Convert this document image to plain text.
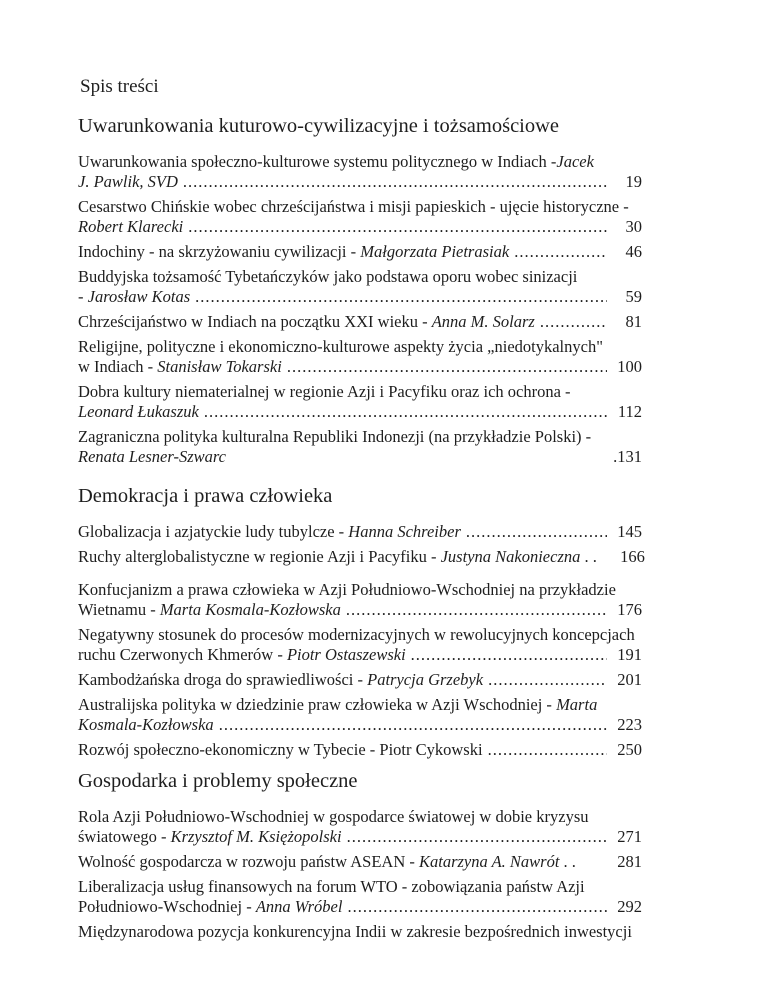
Spis treści
Uwarunkowania kuturowo-cywilizacyjne i tożsamościowe
Uwarunkowania społeczno-kulturowe systemu politycznego w Indiach -Jacek
J. Pawlik, SVD .....	19
Cesarstwo Chińskie wobec chrześcijaństwa i misji papieskich - ujęcie historyczne -
Robert Klarecki .....	30
Indochiny - na skrzyżowaniu cywilizacji - Małgorzata Pietrasiak .....	46
Buddyjska tożsamość Tybetańczyków jako podstawa oporu wobec sinizacji
- Jarosław Kotas .....	59
Chrześcijaństwo w Indiach na początku XXI wieku - Anna M. Solarz .....	81
Religijne, polityczne i ekonomiczno-kulturowe aspekty życia „niedotykalnych"
w Indiach - Stanisław Tokarski .....	100
Dobra kultury niematerialnej w regionie Azji i Pacyfiku oraz ich ochrona -
Leonard Łukaszuk .....	112
Zagraniczna polityka kulturalna Republiki Indonezji (na przykładzie Polski) -
Renata Lesner-Szwarc	.131
Demokracja i prawa człowieka
Globalizacja i azjatyckie ludy tubylcze - Hanna Schreiber .....	145
Ruchy alterglobalistyczne w regionie Azji i Pacyfiku - Justyna Nakonieczna . . 166
Konfucjanizm a prawa człowieka w Azji Południowo-Wschodniej na przykładzie
Wietnamu - Marta Kosmala-Kozłowska .....	176
Negatywny stosunek do procesów modernizacyjnych w rewolucyjnych koncepcjach
ruchu Czerwonych Khmerów - Piotr Ostaszewski .....	191
Kambodżańska droga do sprawiedliwości - Patrycja Grzebyk .....	201
Australijska polityka w dziedzinie praw człowieka w Azji Wschodniej - Marta
Kosmala-Kozłowska .....	223
Rozwój społeczno-ekonomiczny w Tybecie - Piotr Cykowski .....	250
Gospodarka i problemy społeczne
Rola Azji Południowo-Wschodniej w gospodarce światowej w dobie kryzysu
światowego - Krzysztof M. Księżopolski .....	271
Wolność gospodarcza w rozwoju państw ASEAN - Katarzyna A. Nawrót . .	281
Liberalizacja usług finansowych na forum WTO - zobowiązania państw Azji
Południowo-Wschodniej - Anna Wróbel .....	292
Międzynarodowa pozycja konkurencyjna Indii w zakresie bezpośrednich inwestycji
